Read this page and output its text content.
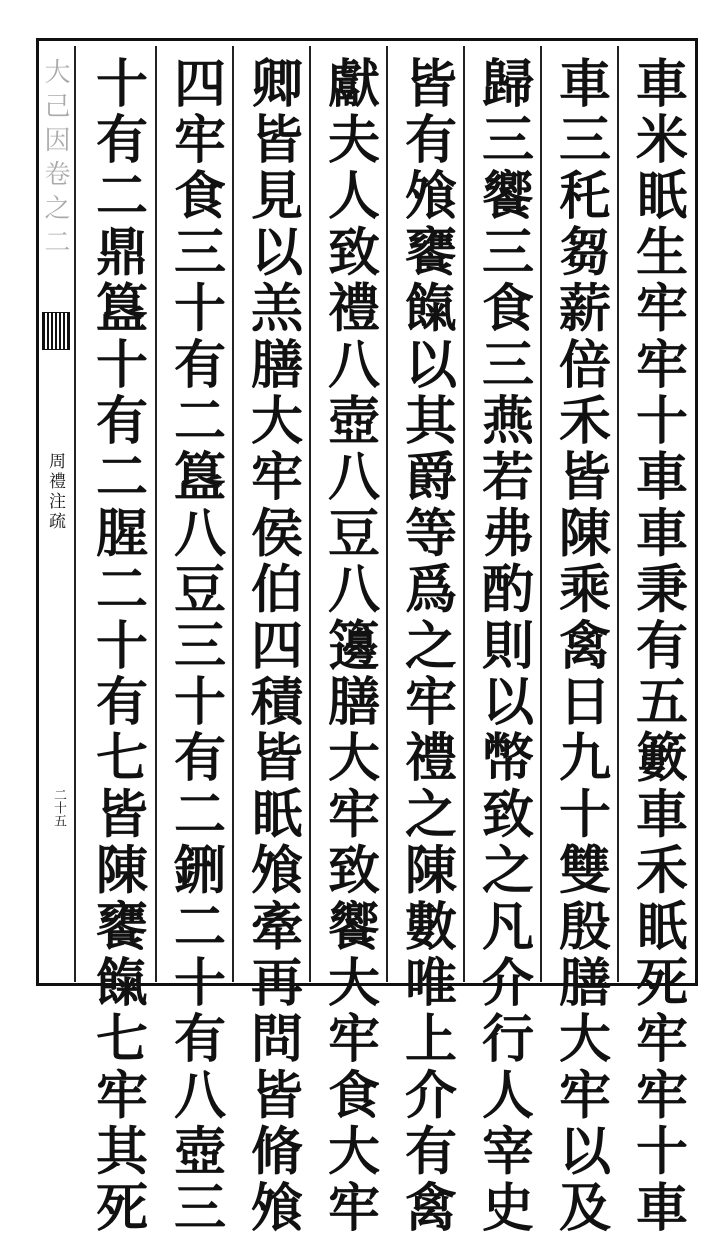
大己因卷之二
周禮注疏
二十五	車米眂生牢牢十車車秉有五籔車禾眂死牢牢十車
車三秅芻薪倍禾皆陳乘禽日九十雙殷膳大牢以及
歸三饗三食三燕若弗酌則以幣致之凡介行人宰史
皆有飧饔餼以其爵等爲之牢禮之陳數唯上介有禽
獻夫人致禮八壺八豆八籩膳大牢致饗大牢食大牢
卿皆見以羔膳大牢侯伯四積皆眂飧牽再問皆脩飧
四牢食三十有二簋八豆三十有二鉶二十有八壺三
十有二鼎簋十有二腥二十有七皆陳饔餼七牢其死
